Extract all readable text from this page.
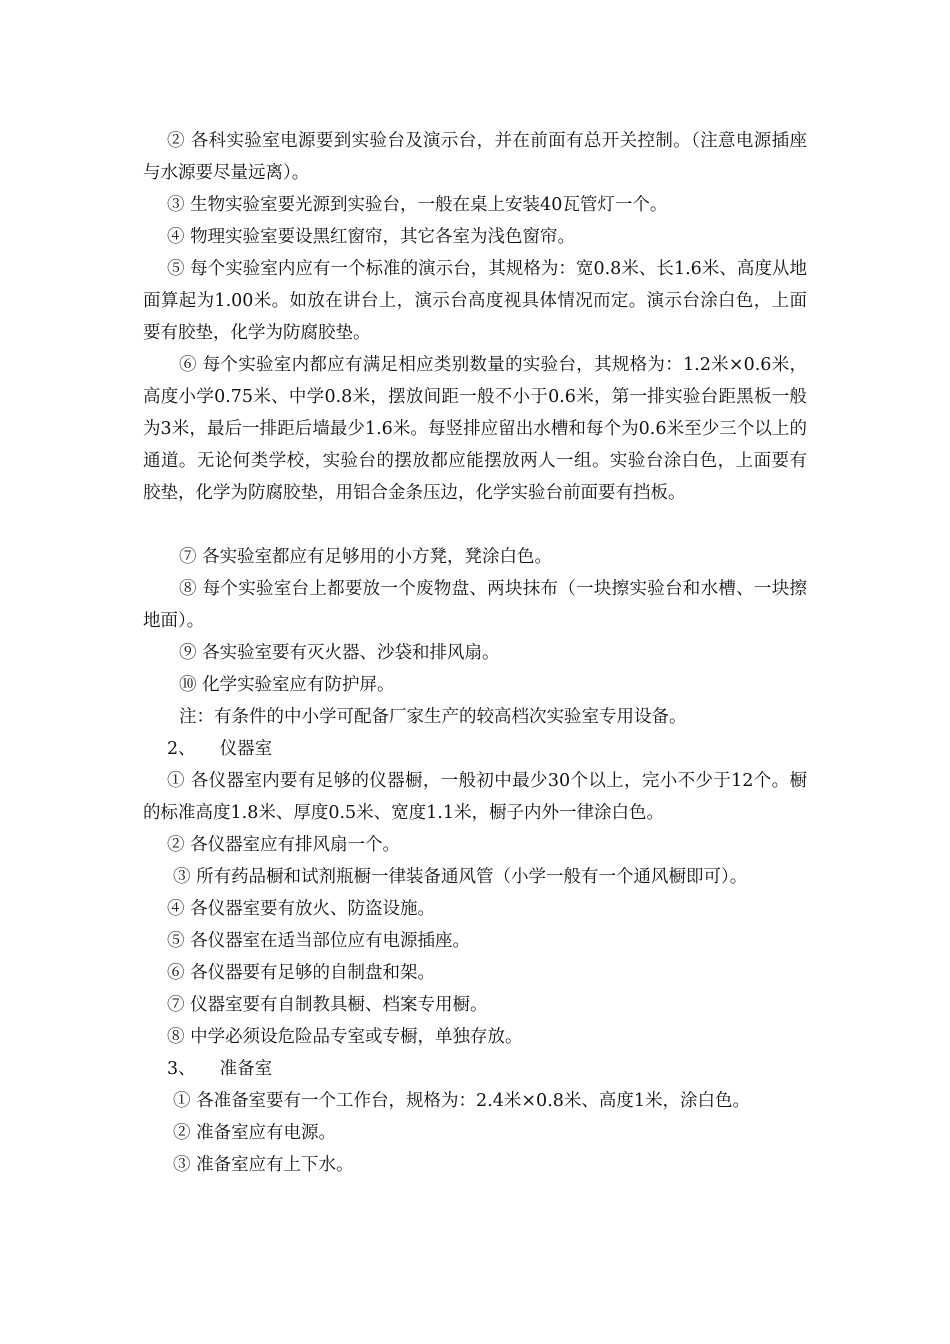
② 各科实验室电源要到实验台及演示台，并在前面有总开关控制。（注意电源插座与水源要尽量远离）。

③ 生物实验室要光源到实验台，一般在桌上安装40瓦管灯一个。

④ 物理实验室要设黑红窗帘，其它各室为浅色窗帘。

⑤ 每个实验室内应有一个标准的演示台，其规格为：宽0.8米、长1.6米、高度从地面算起为1.00米。如放在讲台上，演示台高度视具体情况而定。演示台涂白色，上面要有胶垫，化学为防腐胶垫。

⑥ 每个实验室内都应有满足相应类别数量的实验台，其规格为：1.2米×0.6米，高度小学0.75米、中学0.8米，摆放间距一般不小于0.6米，第一排实验台距黑板一般为3米，最后一排距后墙最少1.6米。每竖排应留出水槽和每个为0.6米至少三个以上的通道。无论何类学校，实验台的摆放都应能摆放两人一组。实验台涂白色，上面要有胶垫，化学为防腐胶垫，用铝合金条压边，化学实验台前面要有挡板。

⑦ 各实验室都应有足够用的小方凳，凳涂白色。

⑧ 每个实验室台上都要放一个废物盘、两块抹布（一块擦实验台和水槽、一块擦地面）。

⑨ 各实验室要有灭火器、沙袋和排风扇。

⑩ 化学实验室应有防护屏。

注：有条件的中小学可配备厂家生产的较高档次实验室专用设备。

2、 仪器室

① 各仪器室内要有足够的仪器橱，一般初中最少30个以上，完小不少于12个。橱的标准高度1.8米、厚度0.5米、宽度1.1米，橱子内外一律涂白色。

② 各仪器室应有排风扇一个。

③ 所有药品橱和试剂瓶橱一律装备通风管（小学一般有一个通风橱即可）。

④ 各仪器室要有放火、防盗设施。

⑤ 各仪器室在适当部位应有电源插座。

⑥ 各仪器要有足够的自制盘和架。

⑦ 仪器室要有自制教具橱、档案专用橱。

⑧ 中学必须设危险品专室或专橱，单独存放。

3、 准备室

① 各准备室要有一个工作台，规格为：2.4米×0.8米、高度1米，涂白色。

② 准备室应有电源。

③ 准备室应有上下水。
